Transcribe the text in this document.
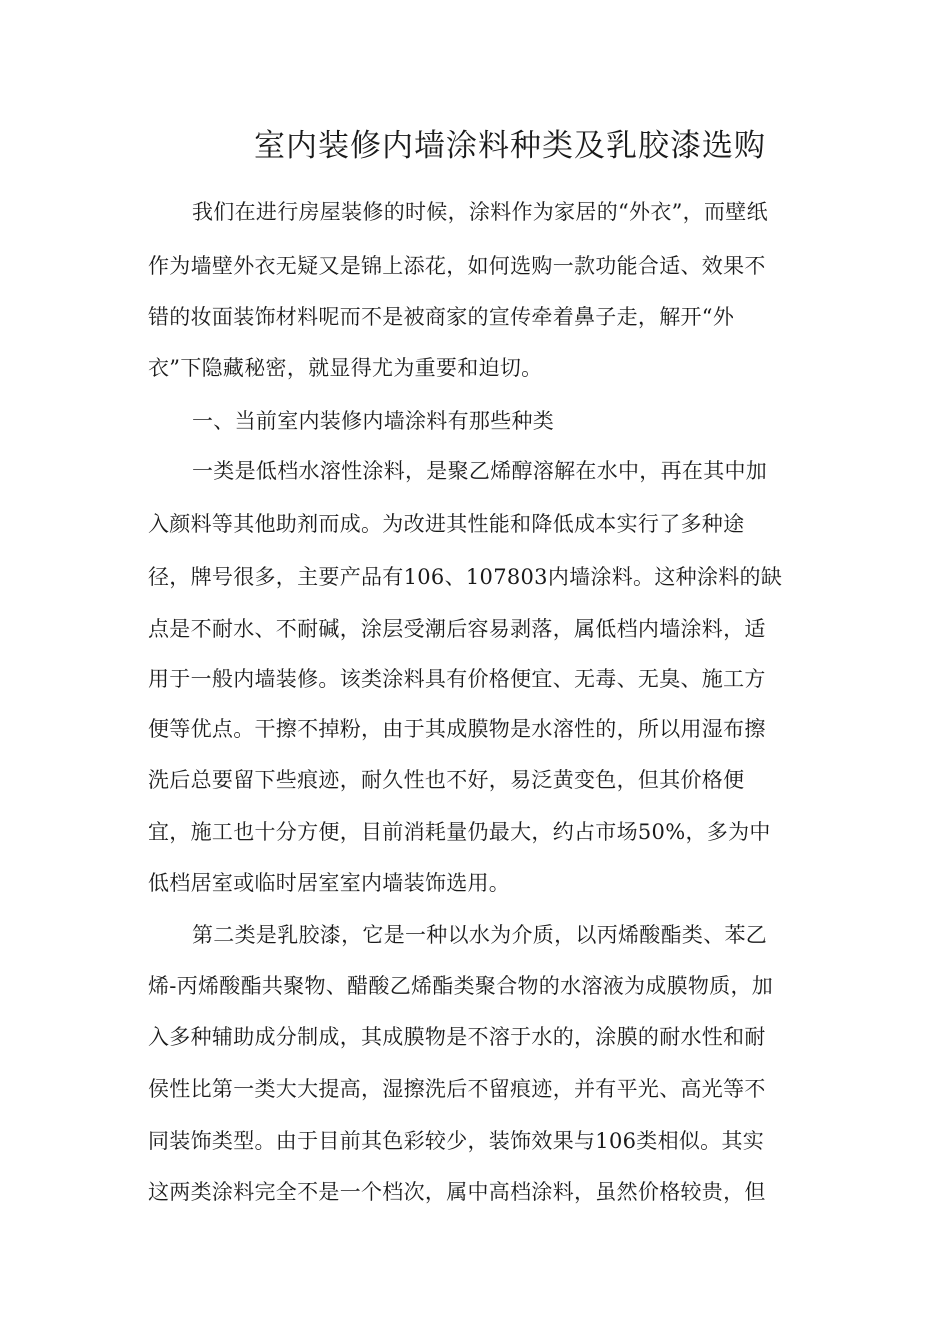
室内装修内墙涂料种类及乳胶漆选购
我们在进行房屋装修的时候，涂料作为家居的“外衣”，而壁纸
作为墙壁外衣无疑又是锦上添花，如何选购一款功能合适、效果不
错的妆面装饰材料呢而不是被商家的宣传牵着鼻子走，解开“外
衣”下隐藏秘密，就显得尤为重要和迫切。
一、当前室内装修内墙涂料有那些种类
一类是低档水溶性涂料，是聚乙烯醇溶解在水中，再在其中加
入颜料等其他助剂而成。为改进其性能和降低成本实行了多种途
径，牌号很多，主要产品有106、107803内墙涂料。这种涂料的缺
点是不耐水、不耐碱，涂层受潮后容易剥落，属低档内墙涂料，适
用于一般内墙装修。该类涂料具有价格便宜、无毒、无臭、施工方
便等优点。干擦不掉粉，由于其成膜物是水溶性的，所以用湿布擦
洗后总要留下些痕迹，耐久性也不好，易泛黄变色，但其价格便
宜，施工也十分方便，目前消耗量仍最大，约占市场50%，多为中
低档居室或临时居室室内墙装饰选用。
第二类是乳胶漆，它是一种以水为介质，以丙烯酸酯类、苯乙
烯-丙烯酸酯共聚物、醋酸乙烯酯类聚合物的水溶液为成膜物质，加
入多种辅助成分制成，其成膜物是不溶于水的，涂膜的耐水性和耐
侯性比第一类大大提高，湿擦洗后不留痕迹，并有平光、高光等不
同装饰类型。由于目前其色彩较少，装饰效果与106类相似。其实
这两类涂料完全不是一个档次，属中高档涂料，虽然价格较贵，但
